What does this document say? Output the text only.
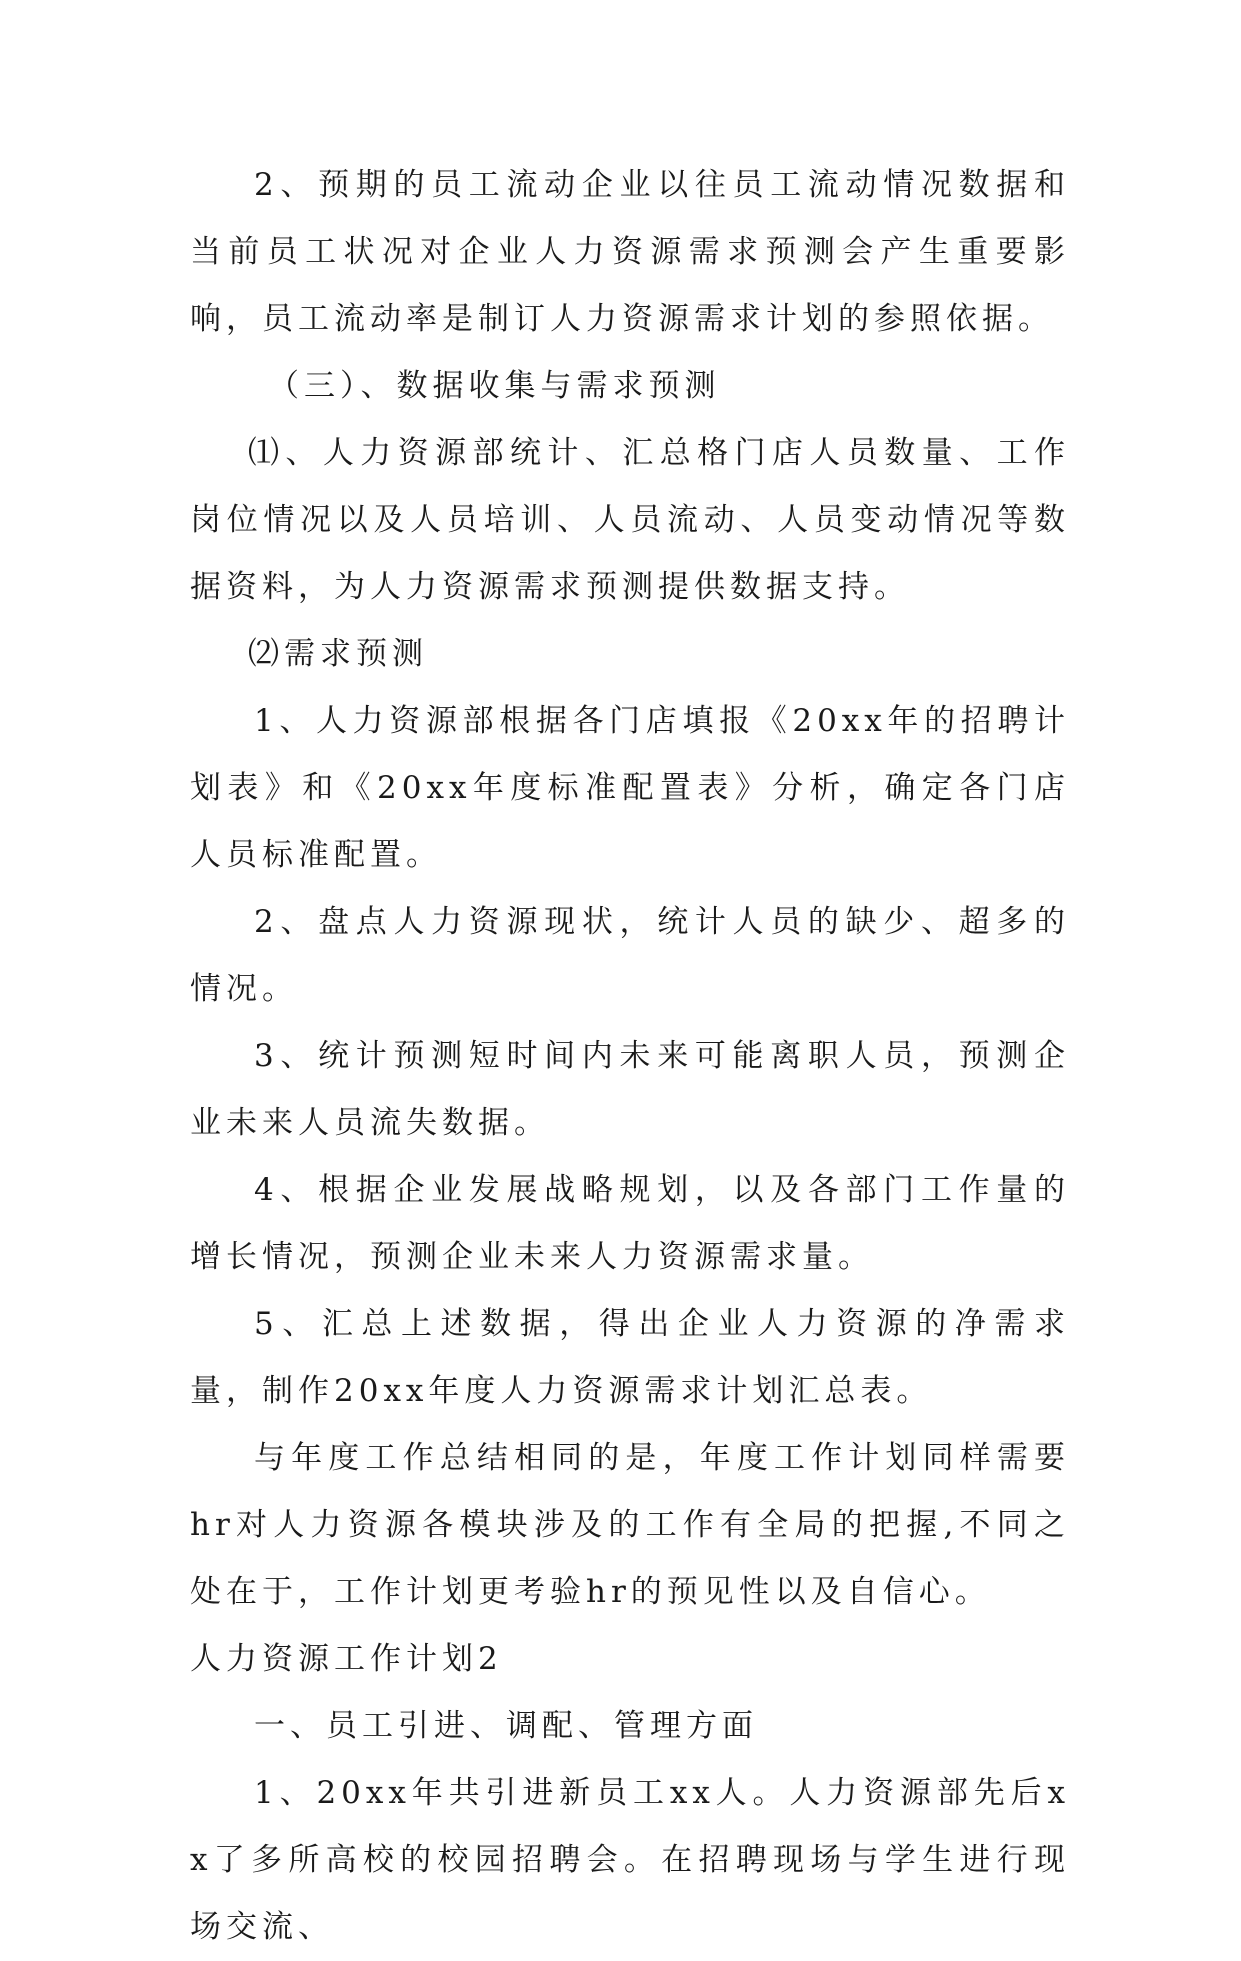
2、预期的员工流动企业以往员工流动情况数据和当前员工状况对企业人力资源需求预测会产生重要影响，员工流动率是制订人力资源需求计划的参照依据。

（三）、数据收集与需求预测

⑴、人力资源部统计、汇总格门店人员数量、工作岗位情况以及人员培训、人员流动、人员变动情况等数据资料，为人力资源需求预测提供数据支持。

⑵需求预测

1、人力资源部根据各门店填报《20xx年的招聘计划表》和《20xx年度标准配置表》分析，确定各门店人员标准配置。

2、盘点人力资源现状，统计人员的缺少、超多的情况。

3、统计预测短时间内未来可能离职人员，预测企业未来人员流失数据。

4、根据企业发展战略规划，以及各部门工作量的增长情况，预测企业未来人力资源需求量。

5、汇总上述数据，得出企业人力资源的净需求量，制作20xx年度人力资源需求计划汇总表。

与年度工作总结相同的是，年度工作计划同样需要hr对人力资源各模块涉及的工作有全局的把握,不同之处在于，工作计划更考验hr的预见性以及自信心。

人力资源工作计划2

一、员工引进、调配、管理方面

1、20xx年共引进新员工xx人。人力资源部先后xx了多所高校的校园招聘会。在招聘现场与学生进行现场交流、
